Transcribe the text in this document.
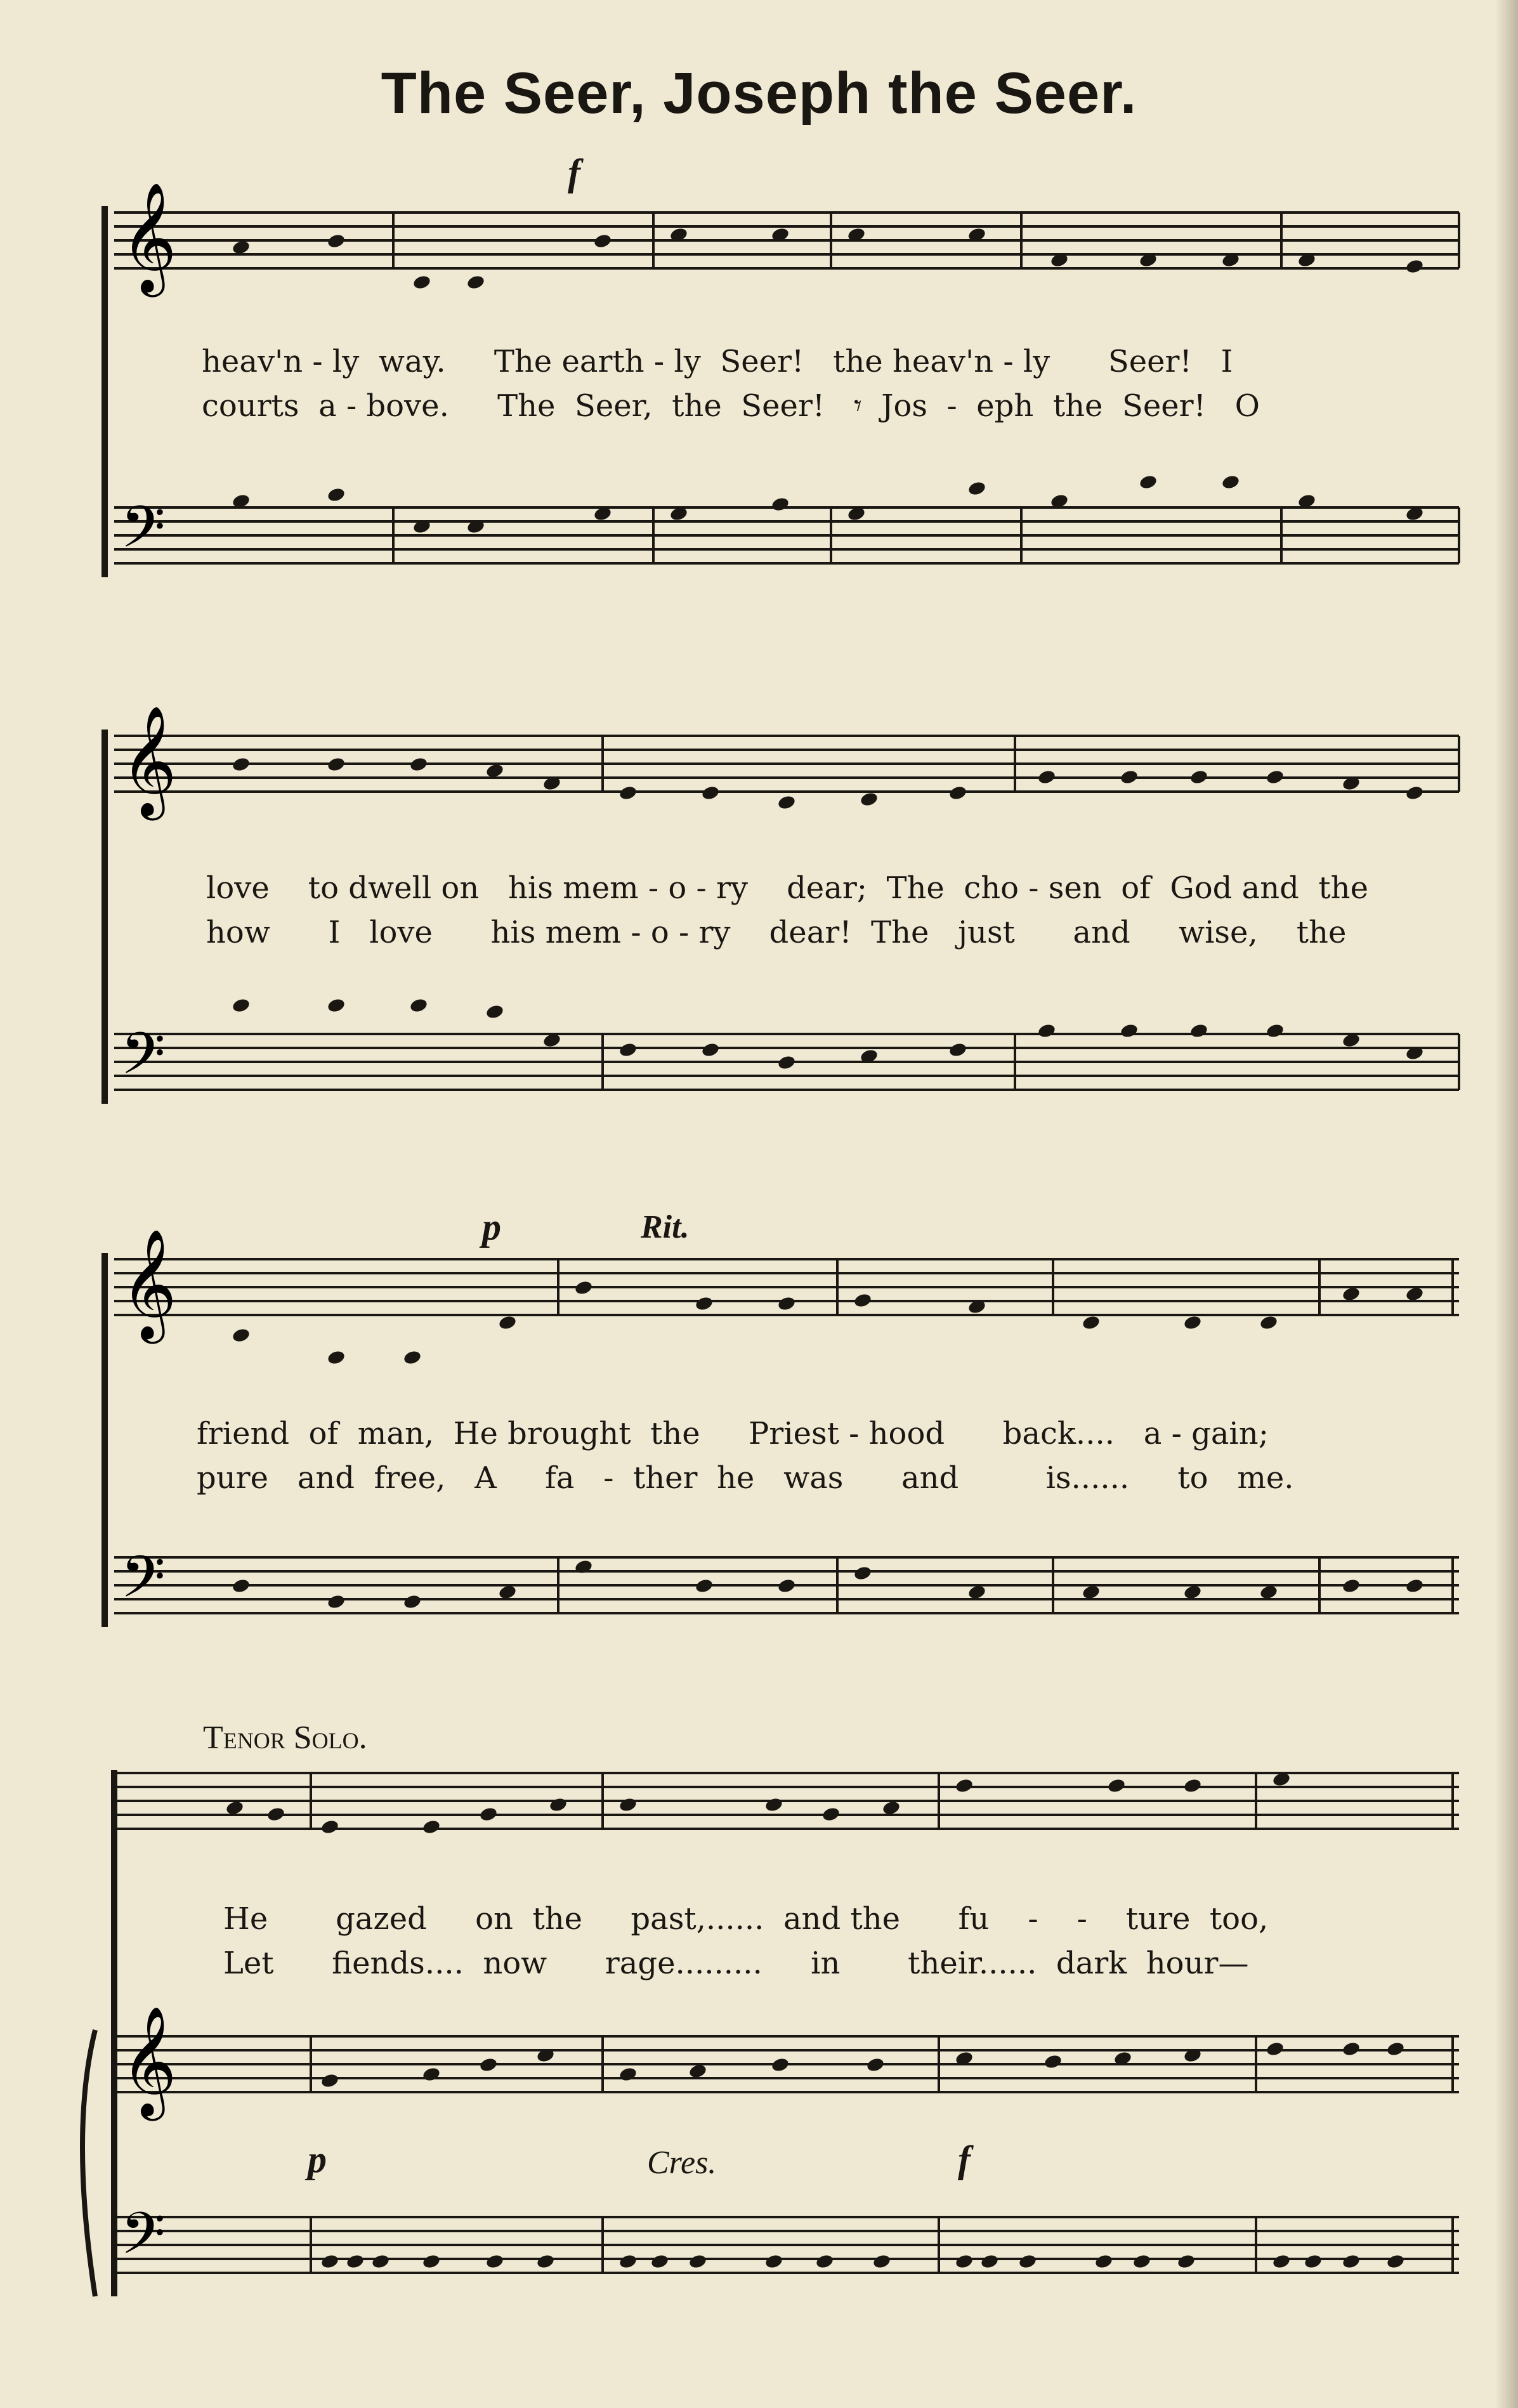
The Seer, Joseph the Seer.
𝄞
𝄢
𝄞
𝄢
𝄞
𝄢
𝄞
𝄢
f
heav'n - ly  way.     The earth - ly  Seer!   the heav'n - ly      Seer!   I
courts  a - bove.     The  Seer,  the  Seer!   𝄾  Jos  -  eph  the  Seer!   O
love    to dwell on   his mem - o - ry    dear;  The  cho - sen  of  God and  the
how      I   love      his mem - o - ry    dear!  The   just      and     wise,    the
p	Rit.
friend  of  man,  He brought  the     Priest - hood      back....   a - gain;
pure   and  free,   A     fa   -  ther  he   was      and         is......     to   me.
Tenor Solo.
He       gazed     on  the     past,......  and the      fu    -    -    ture  too,
Let      fiends....  now      rage.........     in       their......  dark  hour—
p	Cres.	f
